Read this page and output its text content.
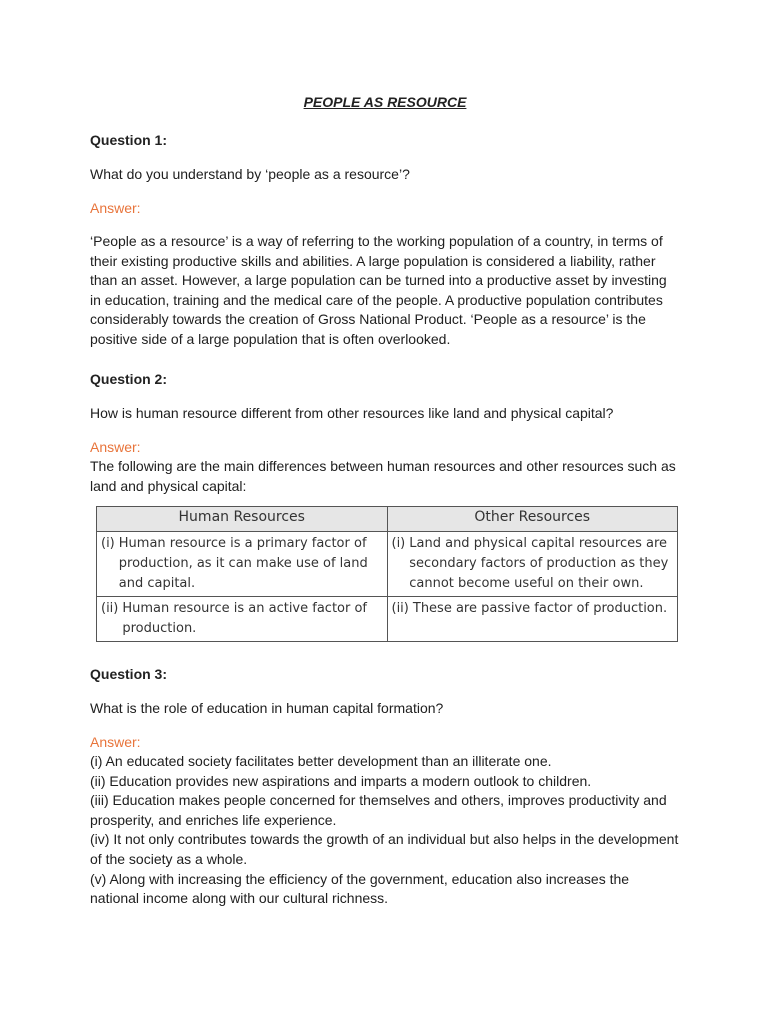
PEOPLE AS RESOURCE
Question 1:
What do you understand by ‘people as a resource’?
Answer:
‘People as a resource’ is a way of referring to the working population of a country, in terms of their existing productive skills and abilities. A large population is considered a liability, rather than an asset. However, a large population can be turned into a productive asset by investing in education, training and the medical care of the people. A productive population contributes considerably towards the creation of Gross National Product. ‘People as a resource’ is the positive side of a large population that is often overlooked.
Question 2:
How is human resource different from other resources like land and physical capital?
Answer:
The following are the main differences between human resources and other resources such as land and physical capital:
Human Resources	Other Resources

(i) Human resource is a primary factor of production, as it can make use of land and capital.	(i) Land and physical capital resources are secondary factors of production as they cannot become useful on their own.

(ii) Human resource is an active factor of production.	(ii) These are passive factor of production.
Question 3:
What is the role of education in human capital formation?
Answer:
(i) An educated society facilitates better development than an illiterate one.
(ii) Education provides new aspirations and imparts a modern outlook to children.
(iii) Education makes people concerned for themselves and others, improves productivity and prosperity, and enriches life experience.
(iv) It not only contributes towards the growth of an individual but also helps in the development of the society as a whole.
(v) Along with increasing the efficiency of the government, education also increases the national income along with our cultural richness.
